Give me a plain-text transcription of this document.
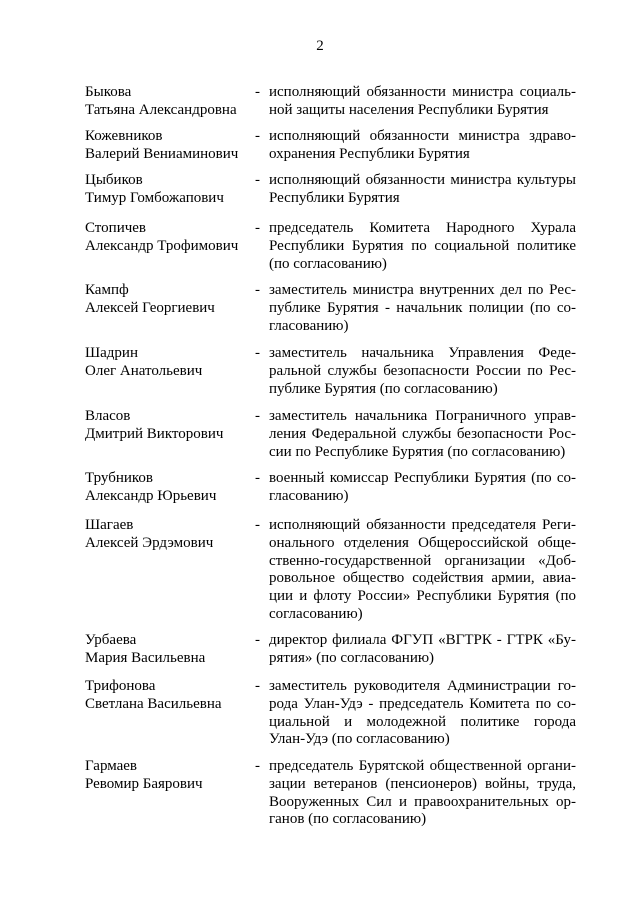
2
Быкова
Татьяна Александровна
- исполняющий обязанности министра социаль-
ной защиты населения Республики Бурятия
Кожевников
Валерий Вениаминович
- исполняющий обязанности министра здраво-
охранения Республики Бурятия
Цыбиков
Тимур Гомбожапович
- исполняющий обязанности министра культуры
Республики Бурятия
Стопичев
Александр Трофимович
- председатель Комитета Народного Хурала
Республики Бурятия по социальной политике
(по согласованию)
Кампф
Алексей Георгиевич
- заместитель министра внутренних дел по Рес-
публике Бурятия - начальник полиции (по со-
гласованию)
Шадрин
Олег Анатольевич
- заместитель начальника Управления Феде-
ральной службы безопасности России по Рес-
публике Бурятия (по согласованию)
Власов
Дмитрий Викторович
- заместитель начальника Пограничного управ-
ления Федеральной службы безопасности Рос-
сии по Республике Бурятия (по согласованию)
Трубников
Александр Юрьевич
- военный комиссар Республики Бурятия (по со-
гласованию)
Шагаев
Алексей Эрдэмович
- исполняющий обязанности председателя Реги-
онального отделения Общероссийской обще-
ственно-государственной организации «Доб-
ровольное общество содействия армии, авиа-
ции и флоту России» Республики Бурятия (по
согласованию)
Урбаева
Мария Васильевна
- директор филиала ФГУП «ВГТРК - ГТРК «Бу-
рятия» (по согласованию)
Трифонова
Светлана Васильевна
- заместитель руководителя Администрации го-
рода Улан-Удэ - председатель Комитета по со-
циальной и молодежной политике города
Улан-Удэ (по согласованию)
Гармаев
Ревомир Баярович
- председатель Бурятской общественной органи-
зации ветеранов (пенсионеров) войны, труда,
Вооруженных Сил и правоохранительных ор-
ганов (по согласованию)
